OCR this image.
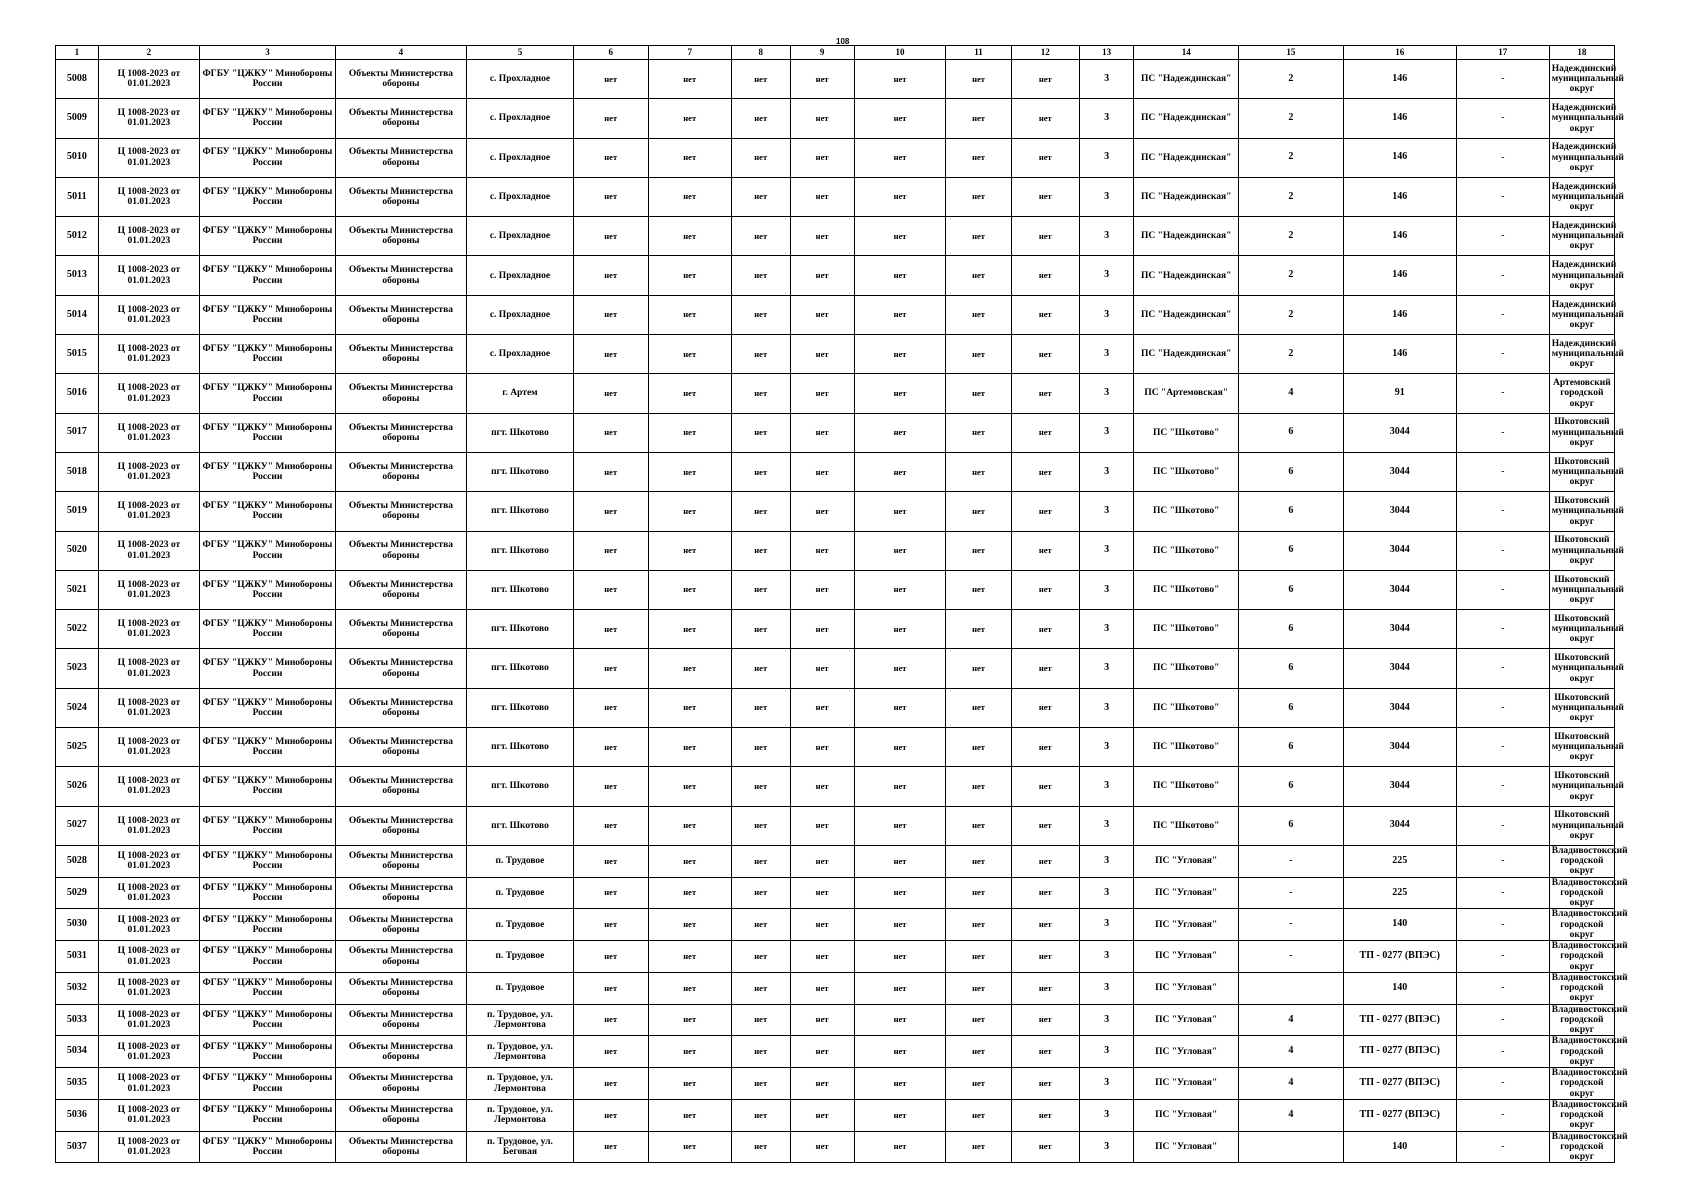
108
1	2	3	4	5	6	7	8	9	10	11	12	13	14	15	16	17	18
5008	Ц 1008-2023 от 01.01.2023	ФГБУ "ЦЖКУ" Минобороны России	Объекты Министерства обороны	с. Прохладное	нет	нет	нет	нет	нет	нет	нет	3	ПС "Надеждинская"	2	146	-	Надеждинский муниципальный округ
5009	Ц 1008-2023 от 01.01.2023	ФГБУ "ЦЖКУ" Минобороны России	Объекты Министерства обороны	с. Прохладное	нет	нет	нет	нет	нет	нет	нет	3	ПС "Надеждинская"	2	146	-	Надеждинский муниципальный округ
5010	Ц 1008-2023 от 01.01.2023	ФГБУ "ЦЖКУ" Минобороны России	Объекты Министерства обороны	с. Прохладное	нет	нет	нет	нет	нет	нет	нет	3	ПС "Надеждинская"	2	146	-	Надеждинский муниципальный округ
5011	Ц 1008-2023 от 01.01.2023	ФГБУ "ЦЖКУ" Минобороны России	Объекты Министерства обороны	с. Прохладное	нет	нет	нет	нет	нет	нет	нет	3	ПС "Надеждинская"	2	146	-	Надеждинский муниципальный округ
5012	Ц 1008-2023 от 01.01.2023	ФГБУ "ЦЖКУ" Минобороны России	Объекты Министерства обороны	с. Прохладное	нет	нет	нет	нет	нет	нет	нет	3	ПС "Надеждинская"	2	146	-	Надеждинский муниципальный округ
5013	Ц 1008-2023 от 01.01.2023	ФГБУ "ЦЖКУ" Минобороны России	Объекты Министерства обороны	с. Прохладное	нет	нет	нет	нет	нет	нет	нет	3	ПС "Надеждинская"	2	146	-	Надеждинский муниципальный округ
5014	Ц 1008-2023 от 01.01.2023	ФГБУ "ЦЖКУ" Минобороны России	Объекты Министерства обороны	с. Прохладное	нет	нет	нет	нет	нет	нет	нет	3	ПС "Надеждинская"	2	146	-	Надеждинский муниципальный округ
5015	Ц 1008-2023 от 01.01.2023	ФГБУ "ЦЖКУ" Минобороны России	Объекты Министерства обороны	с. Прохладное	нет	нет	нет	нет	нет	нет	нет	3	ПС "Надеждинская"	2	146	-	Надеждинский муниципальный округ
5016	Ц 1008-2023 от 01.01.2023	ФГБУ "ЦЖКУ" Минобороны России	Объекты Министерства обороны	г. Артем	нет	нет	нет	нет	нет	нет	нет	3	ПС "Артемовская"	4	91	-	Артемовский городской округ
5017	Ц 1008-2023 от 01.01.2023	ФГБУ "ЦЖКУ" Минобороны России	Объекты Министерства обороны	пгт. Шкотово	нет	нет	нет	нет	нет	нет	нет	3	ПС "Шкотово"	6	3044	-	Шкотовский муниципальный округ
5018	Ц 1008-2023 от 01.01.2023	ФГБУ "ЦЖКУ" Минобороны России	Объекты Министерства обороны	пгт. Шкотово	нет	нет	нет	нет	нет	нет	нет	3	ПС "Шкотово"	6	3044	-	Шкотовский муниципальный округ
5019	Ц 1008-2023 от 01.01.2023	ФГБУ "ЦЖКУ" Минобороны России	Объекты Министерства обороны	пгт. Шкотово	нет	нет	нет	нет	нет	нет	нет	3	ПС "Шкотово"	6	3044	-	Шкотовский муниципальный округ
5020	Ц 1008-2023 от 01.01.2023	ФГБУ "ЦЖКУ" Минобороны России	Объекты Министерства обороны	пгт. Шкотово	нет	нет	нет	нет	нет	нет	нет	3	ПС "Шкотово"	6	3044	-	Шкотовский муниципальный округ
5021	Ц 1008-2023 от 01.01.2023	ФГБУ "ЦЖКУ" Минобороны России	Объекты Министерства обороны	пгт. Шкотово	нет	нет	нет	нет	нет	нет	нет	3	ПС "Шкотово"	6	3044	-	Шкотовский муниципальный округ
5022	Ц 1008-2023 от 01.01.2023	ФГБУ "ЦЖКУ" Минобороны России	Объекты Министерства обороны	пгт. Шкотово	нет	нет	нет	нет	нет	нет	нет	3	ПС "Шкотово"	6	3044	-	Шкотовский муниципальный округ
5023	Ц 1008-2023 от 01.01.2023	ФГБУ "ЦЖКУ" Минобороны России	Объекты Министерства обороны	пгт. Шкотово	нет	нет	нет	нет	нет	нет	нет	3	ПС "Шкотово"	6	3044	-	Шкотовский муниципальный округ
5024	Ц 1008-2023 от 01.01.2023	ФГБУ "ЦЖКУ" Минобороны России	Объекты Министерства обороны	пгт. Шкотово	нет	нет	нет	нет	нет	нет	нет	3	ПС "Шкотово"	6	3044	-	Шкотовский муниципальный округ
5025	Ц 1008-2023 от 01.01.2023	ФГБУ "ЦЖКУ" Минобороны России	Объекты Министерства обороны	пгт. Шкотово	нет	нет	нет	нет	нет	нет	нет	3	ПС "Шкотово"	6	3044	-	Шкотовский муниципальный округ
5026	Ц 1008-2023 от 01.01.2023	ФГБУ "ЦЖКУ" Минобороны России	Объекты Министерства обороны	пгт. Шкотово	нет	нет	нет	нет	нет	нет	нет	3	ПС "Шкотово"	6	3044	-	Шкотовский муниципальный округ
5027	Ц 1008-2023 от 01.01.2023	ФГБУ "ЦЖКУ" Минобороны России	Объекты Министерства обороны	пгт. Шкотово	нет	нет	нет	нет	нет	нет	нет	3	ПС "Шкотово"	6	3044	-	Шкотовский муниципальный округ
5028	Ц 1008-2023 от 01.01.2023	ФГБУ "ЦЖКУ" Минобороны России	Объекты Министерства обороны	п. Трудовое	нет	нет	нет	нет	нет	нет	нет	3	ПС "Угловая"	-	225	-	Владивостокский городской округ
5029	Ц 1008-2023 от 01.01.2023	ФГБУ "ЦЖКУ" Минобороны России	Объекты Министерства обороны	п. Трудовое	нет	нет	нет	нет	нет	нет	нет	3	ПС "Угловая"	-	225	-	Владивостокский городской округ
5030	Ц 1008-2023 от 01.01.2023	ФГБУ "ЦЖКУ" Минобороны России	Объекты Министерства обороны	п. Трудовое	нет	нет	нет	нет	нет	нет	нет	3	ПС "Угловая"	-	140	-	Владивостокский городской округ
5031	Ц 1008-2023 от 01.01.2023	ФГБУ "ЦЖКУ" Минобороны России	Объекты Министерства обороны	п. Трудовое	нет	нет	нет	нет	нет	нет	нет	3	ПС "Угловая"	-	ТП - 0277 (ВПЭС)	-	Владивостокский городской округ
5032	Ц 1008-2023 от 01.01.2023	ФГБУ "ЦЖКУ" Минобороны России	Объекты Министерства обороны	п. Трудовое	нет	нет	нет	нет	нет	нет	нет	3	ПС "Угловая"		140	-	Владивостокский городской округ
5033	Ц 1008-2023 от 01.01.2023	ФГБУ "ЦЖКУ" Минобороны России	Объекты Министерства обороны	п. Трудовое, ул. Лермонтова	нет	нет	нет	нет	нет	нет	нет	3	ПС "Угловая"	4	ТП - 0277 (ВПЭС)	-	Владивостокский городской округ
5034	Ц 1008-2023 от 01.01.2023	ФГБУ "ЦЖКУ" Минобороны России	Объекты Министерства обороны	п. Трудовое, ул. Лермонтова	нет	нет	нет	нет	нет	нет	нет	3	ПС "Угловая"	4	ТП - 0277 (ВПЭС)	-	Владивостокский городской округ
5035	Ц 1008-2023 от 01.01.2023	ФГБУ "ЦЖКУ" Минобороны России	Объекты Министерства обороны	п. Трудовое, ул. Лермонтова	нет	нет	нет	нет	нет	нет	нет	3	ПС "Угловая"	4	ТП - 0277 (ВПЭС)	-	Владивостокский городской округ
5036	Ц 1008-2023 от 01.01.2023	ФГБУ "ЦЖКУ" Минобороны России	Объекты Министерства обороны	п. Трудовое, ул. Лермонтова	нет	нет	нет	нет	нет	нет	нет	3	ПС "Угловая"	4	ТП - 0277 (ВПЭС)	-	Владивостокский городской округ
5037	Ц 1008-2023 от 01.01.2023	ФГБУ "ЦЖКУ" Минобороны России	Объекты Министерства обороны	п. Трудовое, ул. Беговая	нет	нет	нет	нет	нет	нет	нет	3	ПС "Угловая"		140	-	Владивостокский городской округ
